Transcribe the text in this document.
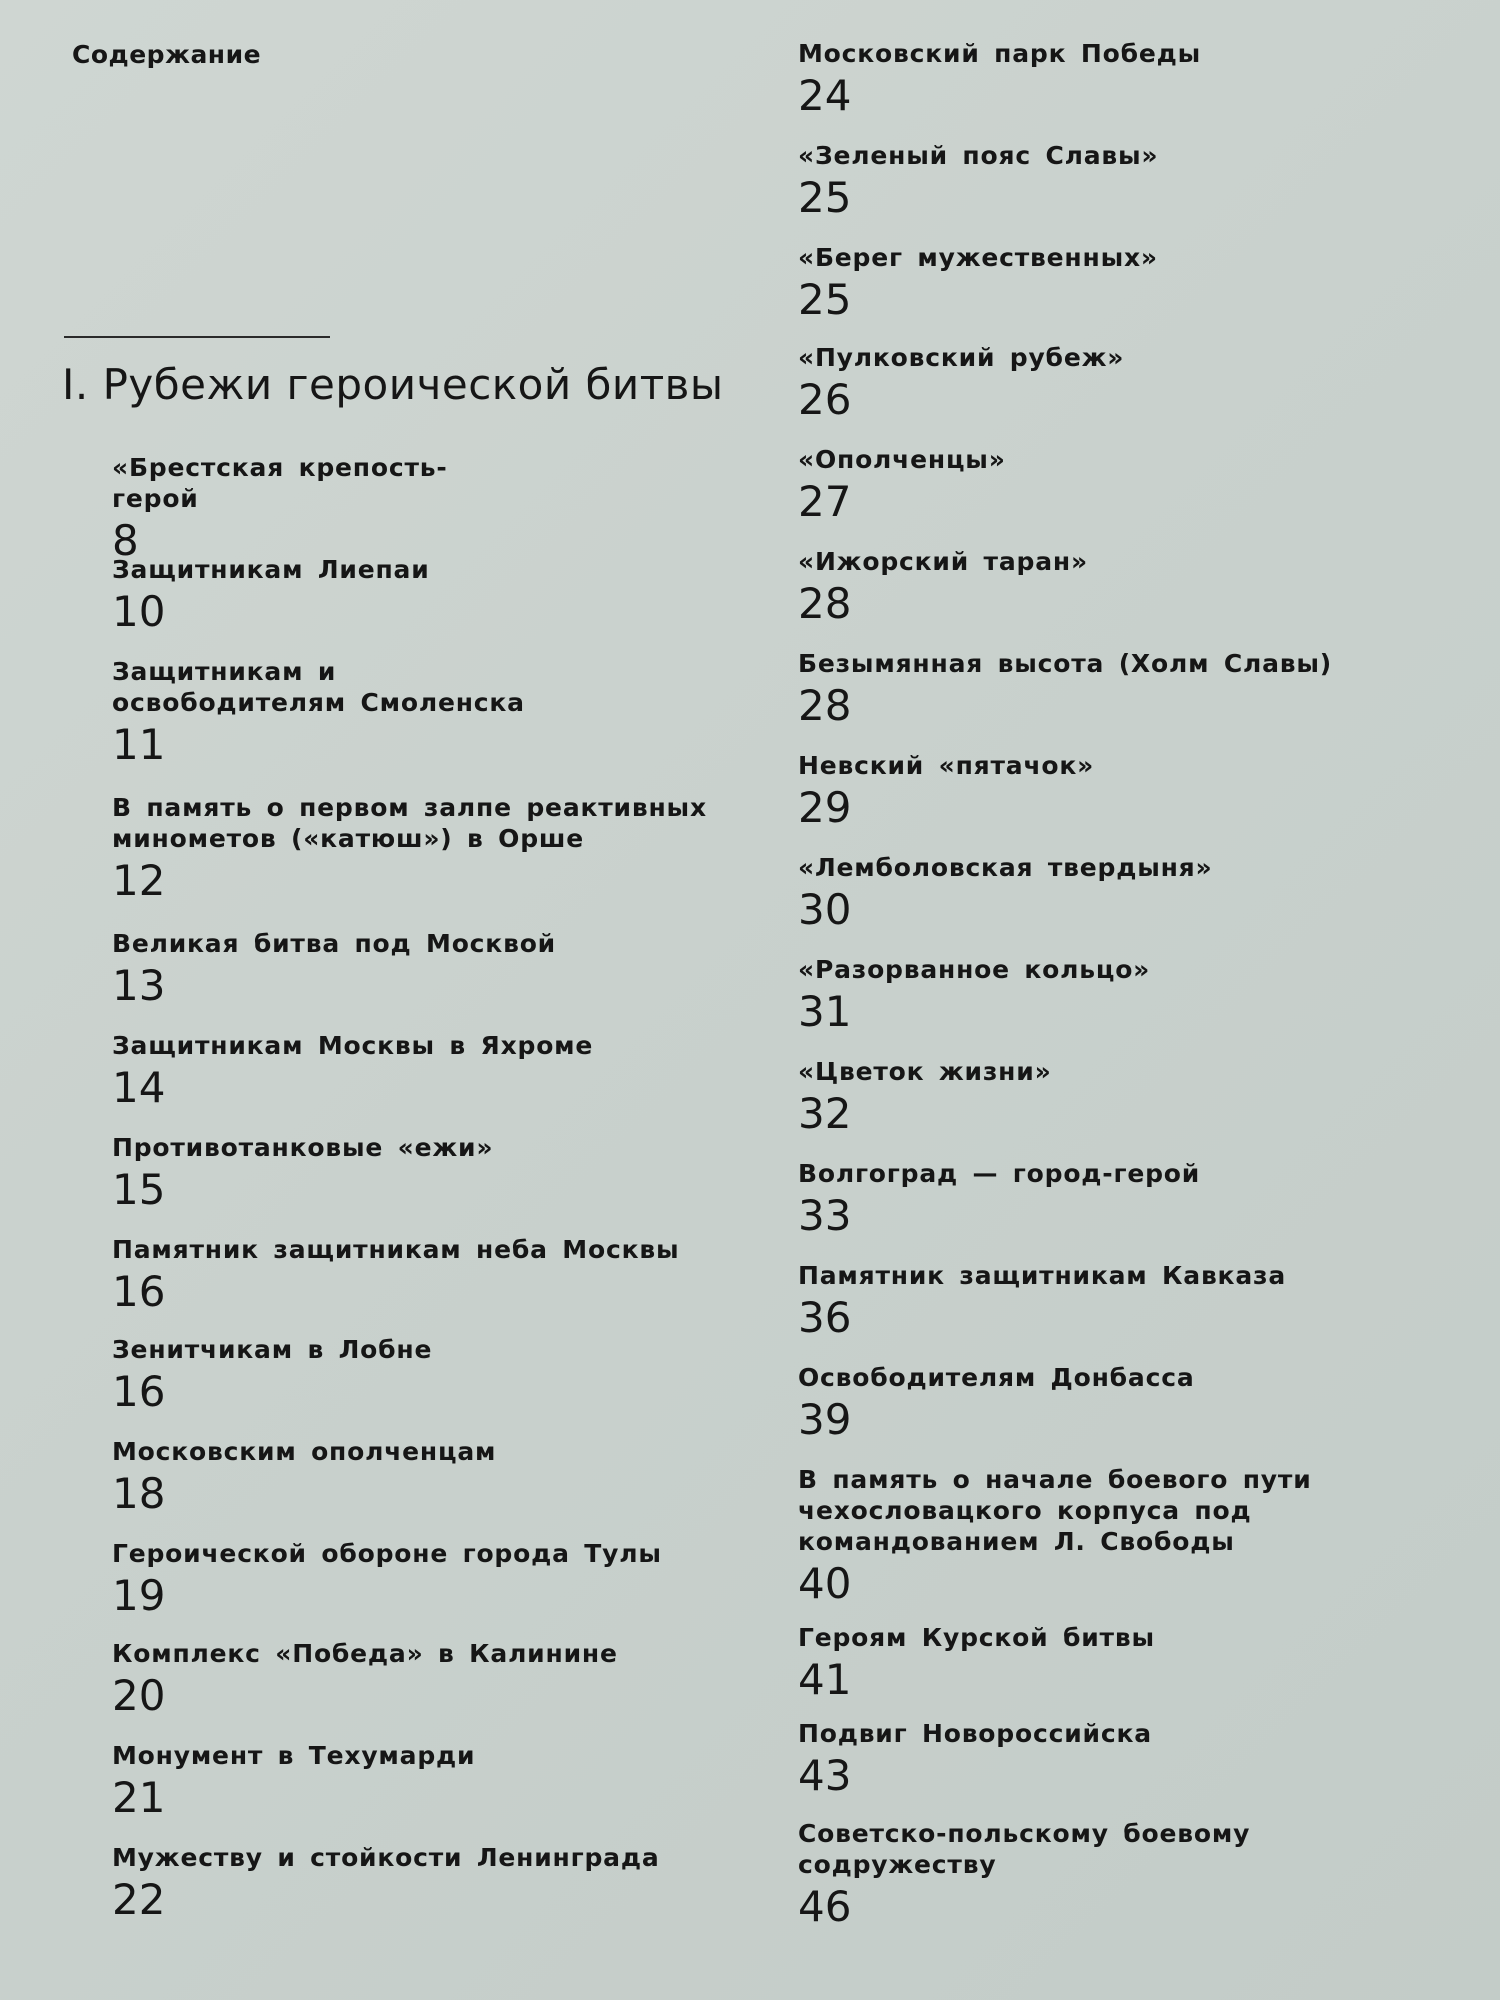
Содержание
I. Рубежи героической битвы
«Брестская крепость-герой
8
Защитникам Лиепаи
10
Защитникам и освободителям Смоленска
11
В память о первом залпе реактивных минометов («катюш») в Орше
12
Великая битва под Москвой
13
Защитникам Москвы в Яхроме
14
Противотанковые «ежи»
15
Памятник защитникам неба Москвы
16
Зенитчикам в Лобне
16
Московским ополченцам
18
Героической обороне города Тулы
19
Комплекс «Победа» в Калинине
20
Монумент в Техумарди
21
Мужеству и стойкости Ленинграда
22
Московский парк Победы
24
«Зеленый пояс Славы»
25
«Берег мужественных»
25
«Пулковский рубеж»
26
«Ополченцы»
27
«Ижорский таран»
28
Безымянная высота (Холм Славы)
28
Невский «пятачок»
29
«Лемболовская твердыня»
30
«Разорванное кольцо»
31
«Цветок жизни»
32
Волгоград — город-герой
33
Памятник защитникам Кавказа
36
Освободителям Донбасса
39
В память о начале боевого пути чехословацкого корпуса под командованием Л. Свободы
40
Героям Курской битвы
41
Подвиг Новороссийска
43
Советско-польскому боевому содружеству
46
